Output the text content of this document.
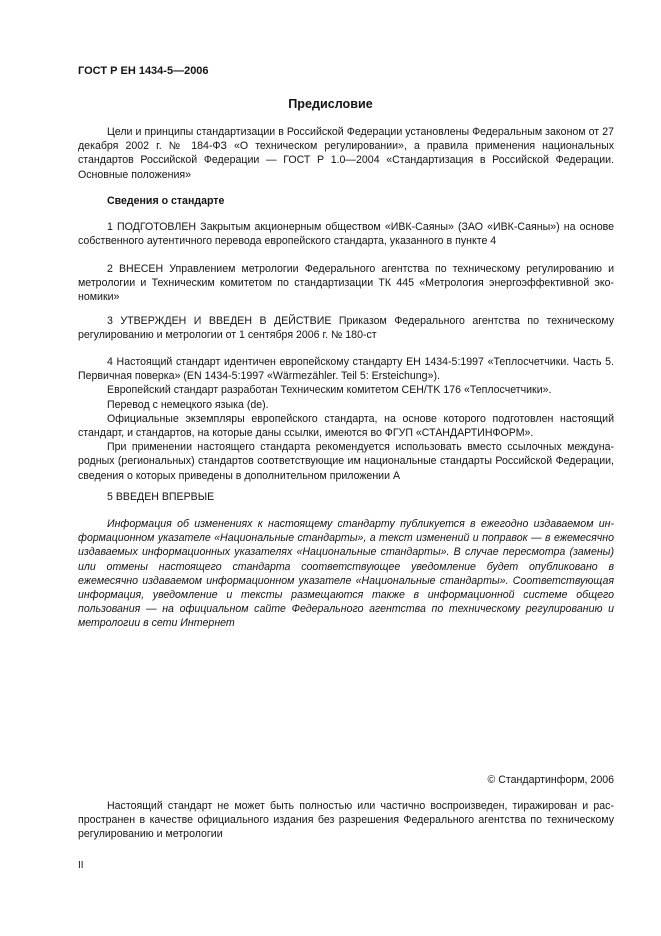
ГОСТ Р ЕН 1434-5—2006
Предисловие

Цели и принципы стандартизации в Российской Федерации установлены Федеральным законом от 27 декабря 2002 г. № 184-ФЗ «О техническом регулировании», а правила применения национальных стандартов Российской Федерации — ГОСТ Р 1.0—2004 «Стандартизация в Российской Федерации. Основные положения»

Сведения о стандарте

1 ПОДГОТОВЛЕН Закрытым акционерным обществом «ИВК-Саяны» (ЗАО «ИВК-Саяны») на основе собственного аутентичного перевода европейского стандарта, указанного в пункте 4

2 ВНЕСЕН Управлением метрологии Федерального агентства по техническому регулированию и метрологии и Техническим комитетом по стандартизации ТК 445 «Метрология энергоэффективной экономики»

3 УТВЕРЖДЕН И ВВЕДЕН В ДЕЙСТВИЕ Приказом Федерального агентства по техническому регулированию и метрологии от 1 сентября 2006 г. № 180-ст

4 Настоящий стандарт идентичен европейскому стандарту ЕН 1434-5:1997 «Теплосчетчики. Часть 5. Первичная поверка» (EN 1434-5:1997 «Wärmezähler. Teil 5: Ersteichung»).

Европейский стандарт разработан Техническим комитетом CEH/TK 176 «Теплосчетчики».

Перевод с немецкого языка (de).

Официальные экземпляры европейского стандарта, на основе которого подготовлен настоящий стандарт, и стандартов, на которые даны ссылки, имеются во ФГУП «СТАНДАРТИНФОРМ».

При применении настоящего стандарта рекомендуется использовать вместо ссылочных международных (региональных) стандартов соответствующие им национальные стандарты Российской Федерации, сведения о которых приведены в дополнительном приложении А

5 ВВЕДЕН ВПЕРВЫЕ

Информация об изменениях к настоящему стандарту публикуется в ежегодно издаваемом информационном указателе «Национальные стандарты», а текст изменений и поправок — в ежемесячно издаваемых информационных указателях «Национальные стандарты». В случае пересмотра (замены) или отмены настоящего стандарта соответствующее уведомление будет опубликовано в ежемесячно издаваемом информационном указателе «Национальные стандарты». Соответствующая информация, уведомление и тексты размещаются также в информационной системе общего пользования — на официальном сайте Федерального агентства по техническому регулированию и метрологии в сети Интернет

© Стандартинформ, 2006

Настоящий стандарт не может быть полностью или частично воспроизведен, тиражирован и распространен в качестве официального издания без разрешения Федерального агентства по техническому регулированию и метрологии

II
